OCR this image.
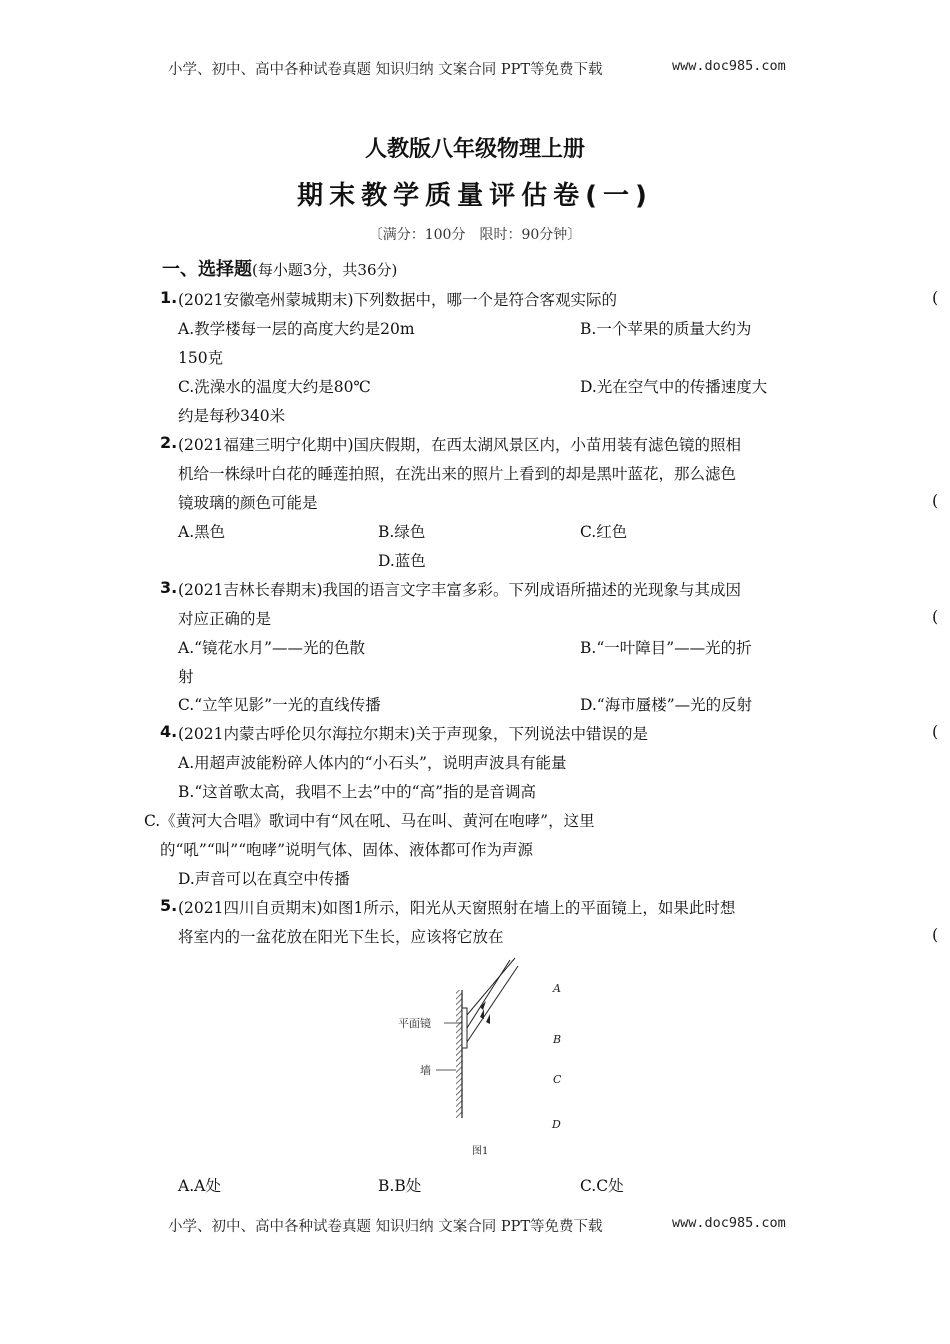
小学、初中、高中各种试卷真题 知识归纳 文案合同 PPT等免费下载	www.doc985.com
人教版八年级物理上册
期末教学质量评估卷(一)
〔满分：100分　限时：90分钟〕
一、选择题(每小题3分，共36分)
1. (2021安徽亳州蒙城期末)下列数据中，哪一个是符合客观实际的	(
A.教学楼每一层的高度大约是20m	B.一个苹果的质量大约为
150克
C.洗澡水的温度大约是80℃	D.光在空气中的传播速度大
约是每秒340米
2. (2021福建三明宁化期中)国庆假期，在西太湖风景区内，小苗用装有滤色镜的照相
机给一株绿叶白花的睡莲拍照，在洗出来的照片上看到的却是黑叶蓝花，那么滤色
镜玻璃的颜色可能是	(
A.黑色	B.绿色	C.红色
D.蓝色
3. (2021吉林长春期末)我国的语言文字丰富多彩。下列成语所描述的光现象与其成因
对应正确的是	(
A.“镜花水月”——光的色散	B.“一叶障目”——光的折
射
C.“立竿见影”一光的直线传播	D.“海市蜃楼”—光的反射
4. (2021内蒙古呼伦贝尔海拉尔期末)关于声现象，下列说法中错误的是	(
A.用超声波能粉碎人体内的“小石头”，说明声波具有能量
B.“这首歌太高，我唱不上去”中的“高”指的是音调高
C.《黄河大合唱》歌词中有“风在吼、马在叫、黄河在咆哮”，这里
的“吼”“叫”“咆哮”说明气体、固体、液体都可作为声源
D.声音可以在真空中传播
5. (2021四川自贡期末)如图1所示，阳光从天窗照射在墙上的平面镜上，如果此时想
将室内的一盆花放在阳光下生长，应该将它放在	(
平面镜
墙
A
B
C
D
图1
A.A处	B.B处	C.C处
小学、初中、高中各种试卷真题 知识归纳 文案合同 PPT等免费下载	www.doc985.com
